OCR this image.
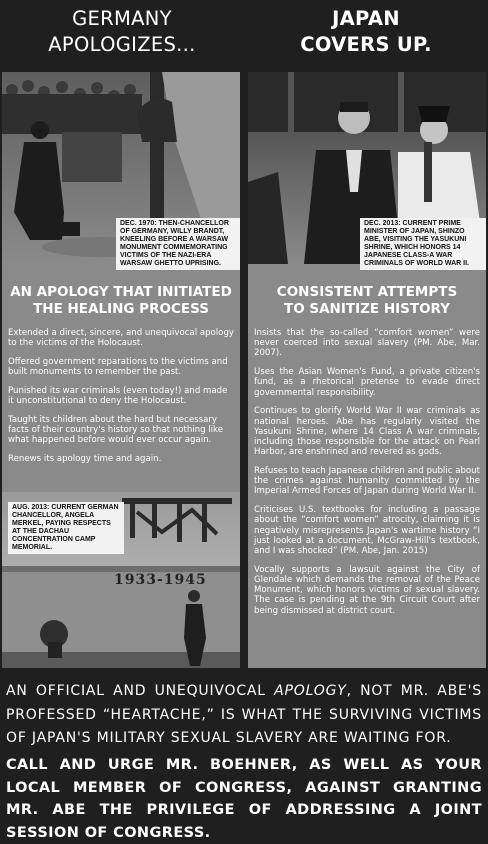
GERMANY
APOLOGIZES...
JAPAN
COVERS UP.
DEC. 1970: THEN-CHANCELLOR OF GERMANY, WILLY BRANDT, KNEELING BEFORE A WARSAW MONUMENT COMMEMORATING VICTIMS OF THE NAZI-ERA WARSAW GHETTO UPRISING.
AN APOLOGY THAT INITIATED
THE HEALING PROCESS

Extended a direct, sincere, and unequivocal apology to the victims of the Holocaust.

Offered government reparations to the victims and built monuments to remember the past.

Punished its war criminals (even today!) and made it unconstitutional to deny the Holocaust.

Taught its children about the hard but necessary facts of their country's history so that nothing like what happened before would ever occur again.

Renews its apology time and again.

AUG. 2013: CURRENT GERMAN CHANCELLOR, ANGELA MERKEL, PAYING RESPECTS AT THE DACHAU CONCENTRATION CAMP MEMORIAL.
1933-1945
DEC. 2013: CURRENT PRIME MINISTER OF JAPAN, SHINZO ABE, VISITING THE YASUKUNI SHRINE, WHICH HONORS 14 JAPANESE CLASS-A WAR CRIMINALS OF WORLD WAR II.
CONSISTENT ATTEMPTS
TO SANITIZE HISTORY

Insists that the so-called “comfort women” were never coerced into sexual slavery (PM. Abe, Mar. 2007).

Uses the Asian Women's Fund, a private citizen's fund, as a rhetorical pretense to evade direct governmental responsibility.

Continues to glorify World War II war criminals as national heroes. Abe has regularly visited the Yasukuni Shrine, where 14 Class A war criminals, including those responsible for the attack on Pearl Harbor, are enshrined and revered as gods.

Refuses to teach Japanese children and public about the crimes against humanity committed by the Imperial Armed Forces of Japan during World War II.

Criticises U.S. textbooks for including a passage about the “comfort women” atrocity, claiming it is negatively misrepresents Japan's wartime history “I just looked at a document, McGraw-Hill's textbook, and I was shocked” (PM. Abe, Jan. 2015)

Vocally supports a lawsuit against the City of Glendale which demands the removal of the Peace Monument, which honors victims of sexual slavery. The case is pending at the 9th Circuit Court after being dismissed at district court.

AN OFFICIAL AND UNEQUIVOCAL APOLOGY, NOT MR. ABE'S PROFESSED “HEARTACHE,” IS WHAT THE SURVIVING VICTIMS OF JAPAN'S MILITARY SEXUAL SLAVERY ARE WAITING FOR.
CALL AND URGE MR. BOEHNER, AS WELL AS YOUR LOCAL MEMBER OF CONGRESS, AGAINST GRANTING MR. ABE THE PRIVILEGE OF ADDRESSING A JOINT SESSION OF CONGRESS.
